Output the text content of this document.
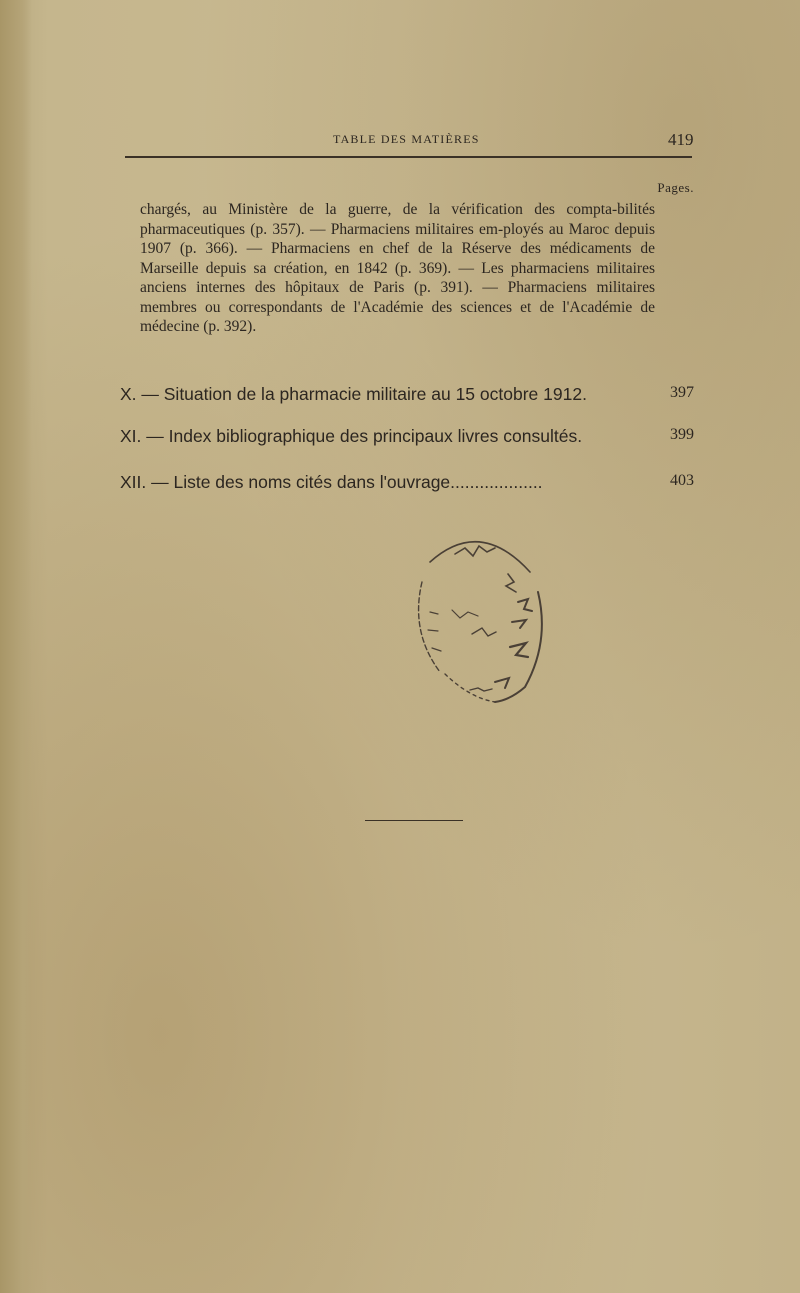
TABLE DES MATIÈRES	419
Pages.
chargés, au Ministère de la guerre, de la vérification des compta-bilités pharmaceutiques (p. 357). — Pharmaciens militaires em-ployés au Maroc depuis 1907 (p. 366). — Pharmaciens en chef de la Réserve des médicaments de Marseille depuis sa création, en 1842 (p. 369). — Les pharmaciens militaires anciens internes des hôpitaux de Paris (p. 391). — Pharmaciens militaires membres ou correspondants de l'Académie des sciences et de l'Académie de médecine (p. 392).
X. — Situation de la pharmacie militaire au 15 octobre 1912.	397
XI. — Index bibliographique des principaux livres consultés.	399
XII. — Liste des noms cités dans l'ouvrage...................	403
